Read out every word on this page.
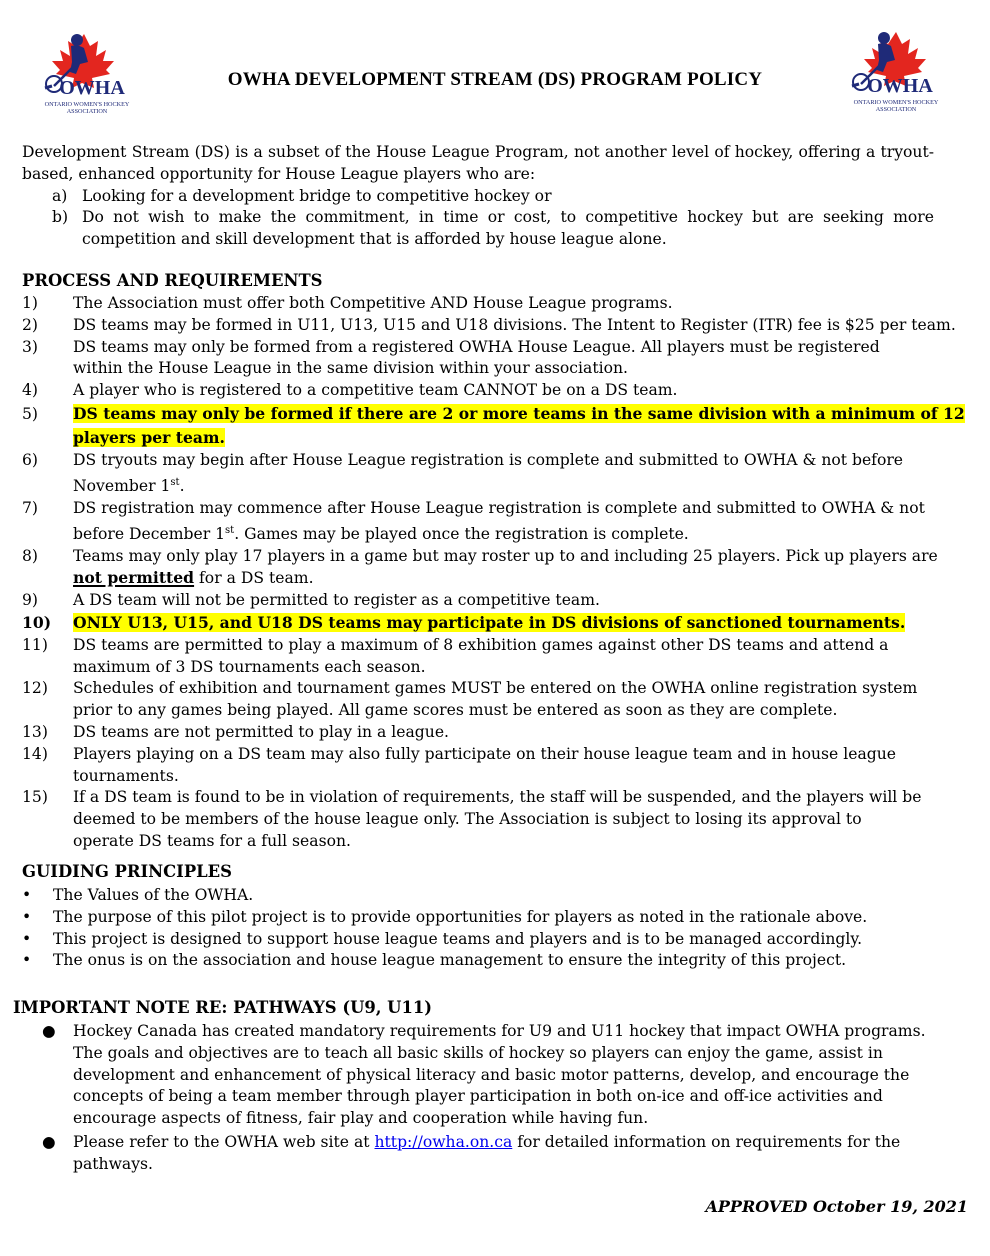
OWHA
ONTARIO WOMEN'S HOCKEY
ASSOCIATION
OWHA
ONTARIO WOMEN'S HOCKEY
ASSOCIATION
OWHA DEVELOPMENT STREAM (DS) PROGRAM POLICY
Development Stream (DS) is a subset of the House League Program, not another level of hockey, offering a tryout-based, enhanced opportunity for House League players who are:
a) Looking for a development bridge to competitive hockey or
b) Do not wish to make the commitment, in time or cost, to competitive hockey but are seeking more competition and skill development that is afforded by house league alone.
PROCESS AND REQUIREMENTS
1)	The Association must offer both Competitive AND House League programs.
2)	DS teams may be formed in U11, U13, U15 and U18 divisions. The Intent to Register (ITR) fee is $25 per team.
3)	DS teams may only be formed from a registered OWHA House League. All players must be registered within the House League in the same division within your association.
4)	A player who is registered to a competitive team CANNOT be on a DS team.
5)	DS teams may only be formed if there are 2 or more teams in the same division with a minimum of 12 players per team.
6)	DS tryouts may begin after House League registration is complete and submitted to OWHA & not before November 1st.
7)	DS registration may commence after House League registration is complete and submitted to OWHA & not before December 1st. Games may be played once the registration is complete.
8)	Teams may only play 17 players in a game but may roster up to and including 25 players. Pick up players are not permitted for a DS team.
9)	A DS team will not be permitted to register as a competitive team.
10)	ONLY U13, U15, and U18 DS teams may participate in DS divisions of sanctioned tournaments.
11)	DS teams are permitted to play a maximum of 8 exhibition games against other DS teams and attend a maximum of 3 DS tournaments each season.
12)	Schedules of exhibition and tournament games MUST be entered on the OWHA online registration system prior to any games being played. All game scores must be entered as soon as they are complete.
13)	DS teams are not permitted to play in a league.
14)	Players playing on a DS team may also fully participate on their house league team and in house league tournaments.
15)	If a DS team is found to be in violation of requirements, the staff will be suspended, and the players will be deemed to be members of the house league only. The Association is subject to losing its approval to operate DS teams for a full season.
GUIDING PRINCIPLES
•	The Values of the OWHA.
•	The purpose of this pilot project is to provide opportunities for players as noted in the rationale above.
•	This project is designed to support house league teams and players and is to be managed accordingly.
•	The onus is on the association and house league management to ensure the integrity of this project.
IMPORTANT NOTE RE: PATHWAYS (U9, U11)
●	Hockey Canada has created mandatory requirements for U9 and U11 hockey that impact OWHA programs. The goals and objectives are to teach all basic skills of hockey so players can enjoy the game, assist in development and enhancement of physical literacy and basic motor patterns, develop, and encourage the concepts of being a team member through player participation in both on-ice and off-ice activities and encourage aspects of fitness, fair play and cooperation while having fun.
●	Please refer to the OWHA web site at http://owha.on.ca for detailed information on requirements for the pathways.
APPROVED October 19, 2021
